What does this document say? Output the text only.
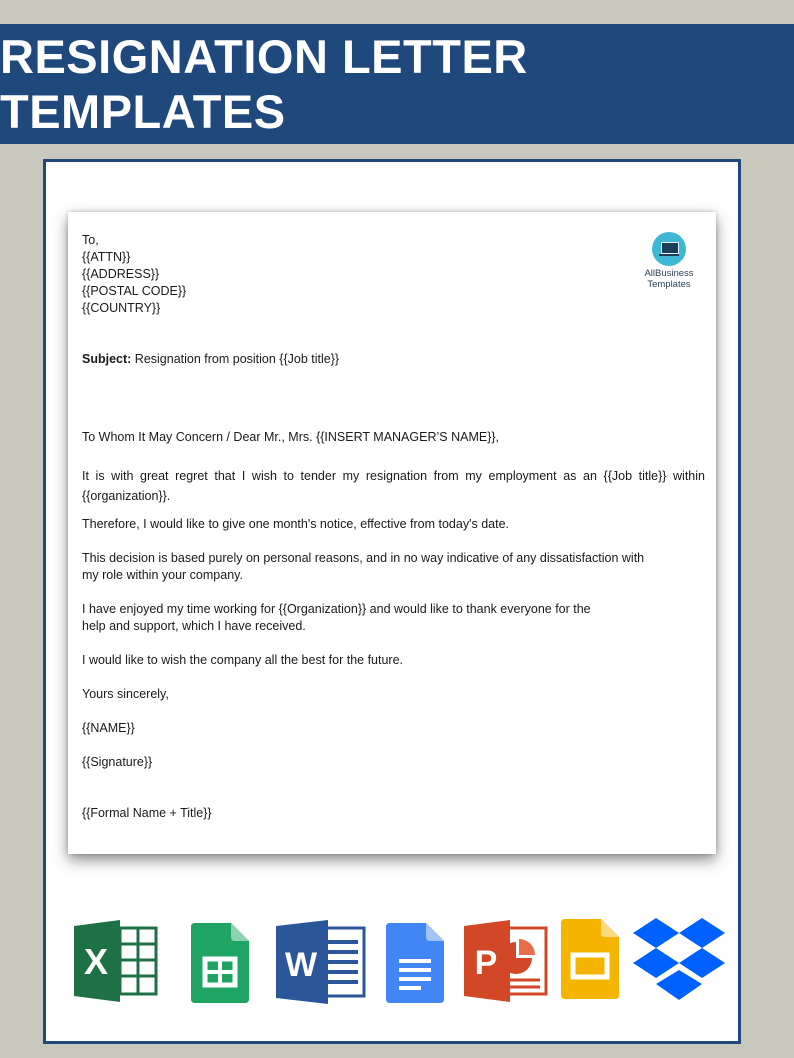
RESIGNATION LETTER TEMPLATES
AllBusiness
Templates

To,

{{ATTN}}

{{ADDRESS}}

{{POSTAL CODE}}

{{COUNTRY}}

Subject: Resignation from position {{Job title}}

To Whom It May Concern / Dear Mr., Mrs. {{INSERT MANAGER’S NAME}},

It is with great regret that I wish to tender my resignation from my employment as an {{Job title}} within {{organization}}.

Therefore, I would like to give one month's notice, effective from today's date.

This decision is based purely on personal reasons, and in no way indicative of any dissatisfaction with

my role within your company.

I have enjoyed my time working for {{Organization}} and would like to thank everyone for the

help and support, which I have received.

I would like to wish the company all the best for the future.

Yours sincerely,

{{NAME}}

{{Signature}}

{{Formal Name + Title}}

X	W	P
